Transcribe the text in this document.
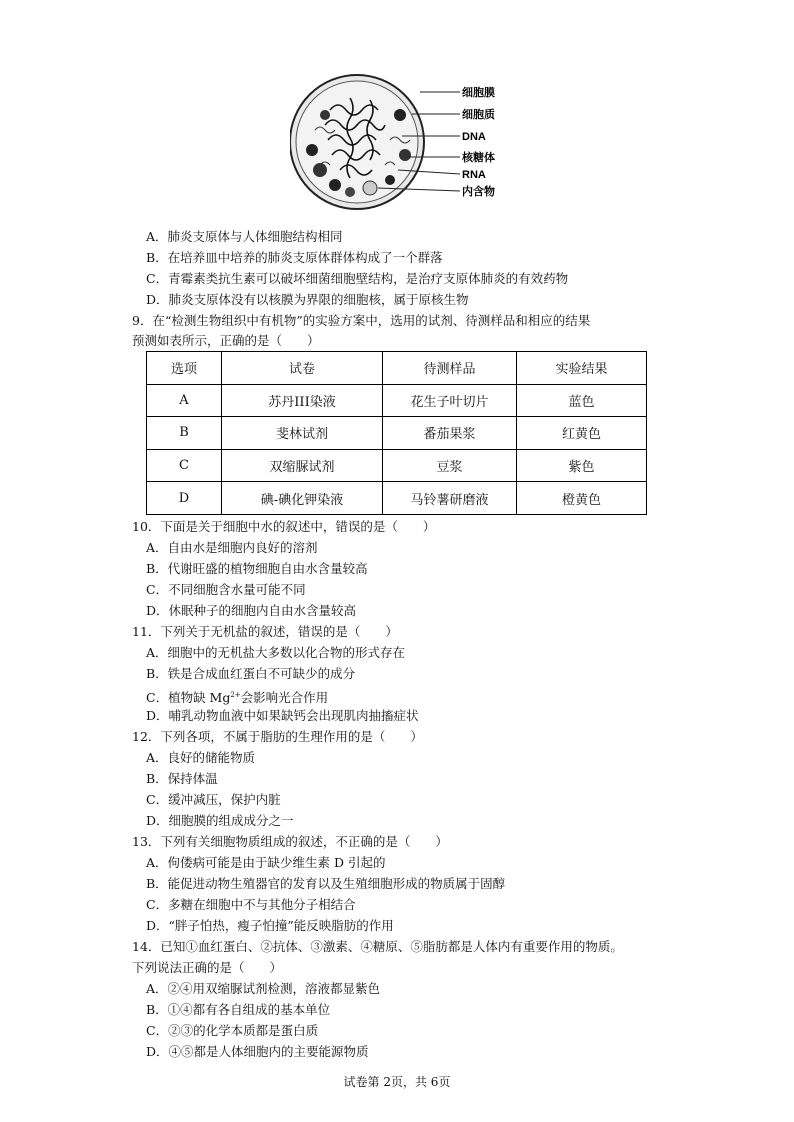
细胞膜
细胞质
DNA
核糖体
RNA
内含物
A．肺炎支原体与人体细胞结构相同
B．在培养皿中培养的肺炎支原体群体构成了一个群落
C．青霉素类抗生素可以破坏细菌细胞壁结构，是治疗支原体肺炎的有效药物
D．肺炎支原体没有以核膜为界限的细胞核，属于原核生物
9．在“检测生物组织中有机物”的实验方案中，选用的试剂、待测样品和相应的结果
预测如表所示，正确的是（　　）
选项	试卷	待测样品	实验结果
A	苏丹III染液	花生子叶切片	蓝色
B	斐林试剂	番茄果浆	红黄色
C	双缩脲试剂	豆浆	紫色
D	碘-碘化钾染液	马铃薯研磨液	橙黄色
10．下面是关于细胞中水的叙述中，错误的是（　　）
A．自由水是细胞内良好的溶剂
B．代谢旺盛的植物细胞自由水含量较高
C．不同细胞含水量可能不同
D．休眠种子的细胞内自由水含量较高
11．下列关于无机盐的叙述，错误的是（　　）
A．细胞中的无机盐大多数以化合物的形式存在
B．铁是合成血红蛋白不可缺少的成分
C．植物缺 $Mg^{2+}$会影响光合作用
D．哺乳动物血液中如果缺钙会出现肌肉抽搐症状
12．下列各项，不属于脂肪的生理作用的是（　　）
A．良好的储能物质
B．保持体温
C．缓冲减压，保护内脏
D．细胞膜的组成成分之一
13．下列有关细胞物质组成的叙述，不正确的是（　　）
A．佝偻病可能是由于缺少维生素 D 引起的
B．能促进动物生殖器官的发育以及生殖细胞形成的物质属于固醇
C．多糖在细胞中不与其他分子相结合
D．“胖子怕热，瘦子怕撞”能反映脂肪的作用
14．已知①血红蛋白、②抗体、③激素、④糖原、⑤脂肪都是人体内有重要作用的物质。
下列说法正确的是（　　）
A．②④用双缩脲试剂检测，溶液都显紫色
B．①④都有各自组成的基本单位
C．②③的化学本质都是蛋白质
D．④⑤都是人体细胞内的主要能源物质
试卷第 2页，共 6页
